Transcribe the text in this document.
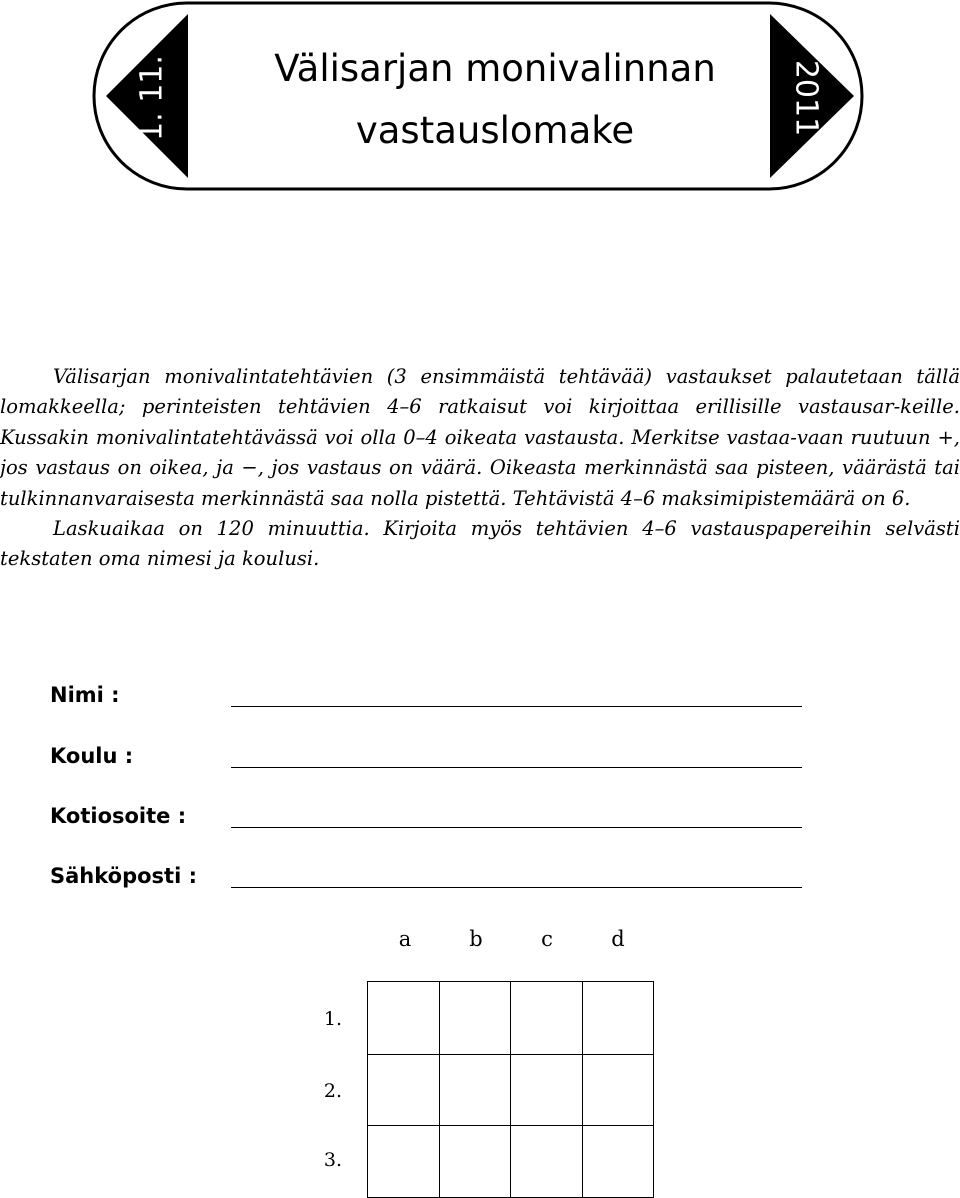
1. 11.	2011
Välisarjan monivalinnan
vastauslomake

Välisarjan monivalintatehtävien (3 ensimmäistä tehtävää) vastaukset palautetaan tällä lomakkeella; perinteisten tehtävien 4–6 ratkaisut voi kirjoittaa erillisille vastausar-keille. Kussakin monivalintatehtävässä voi olla 0–4 oikeata vastausta. Merkitse vastaa-vaan ruutuun +, jos vastaus on oikea, ja −, jos vastaus on väärä. Oikeasta merkinnästä saa pisteen, väärästä tai tulkinnanvaraisesta merkinnästä saa nolla pistettä. Tehtävistä 4–6 maksimipistemäärä on 6.

Laskuaikaa on 120 minuuttia. Kirjoita myös tehtävien 4–6 vastauspapereihin selvästi tekstaten oma nimesi ja koulusi.

Nimi :
Koulu :
Kotiosoite :
Sähköposti :
a	b	c	d
1.
2.
3.
